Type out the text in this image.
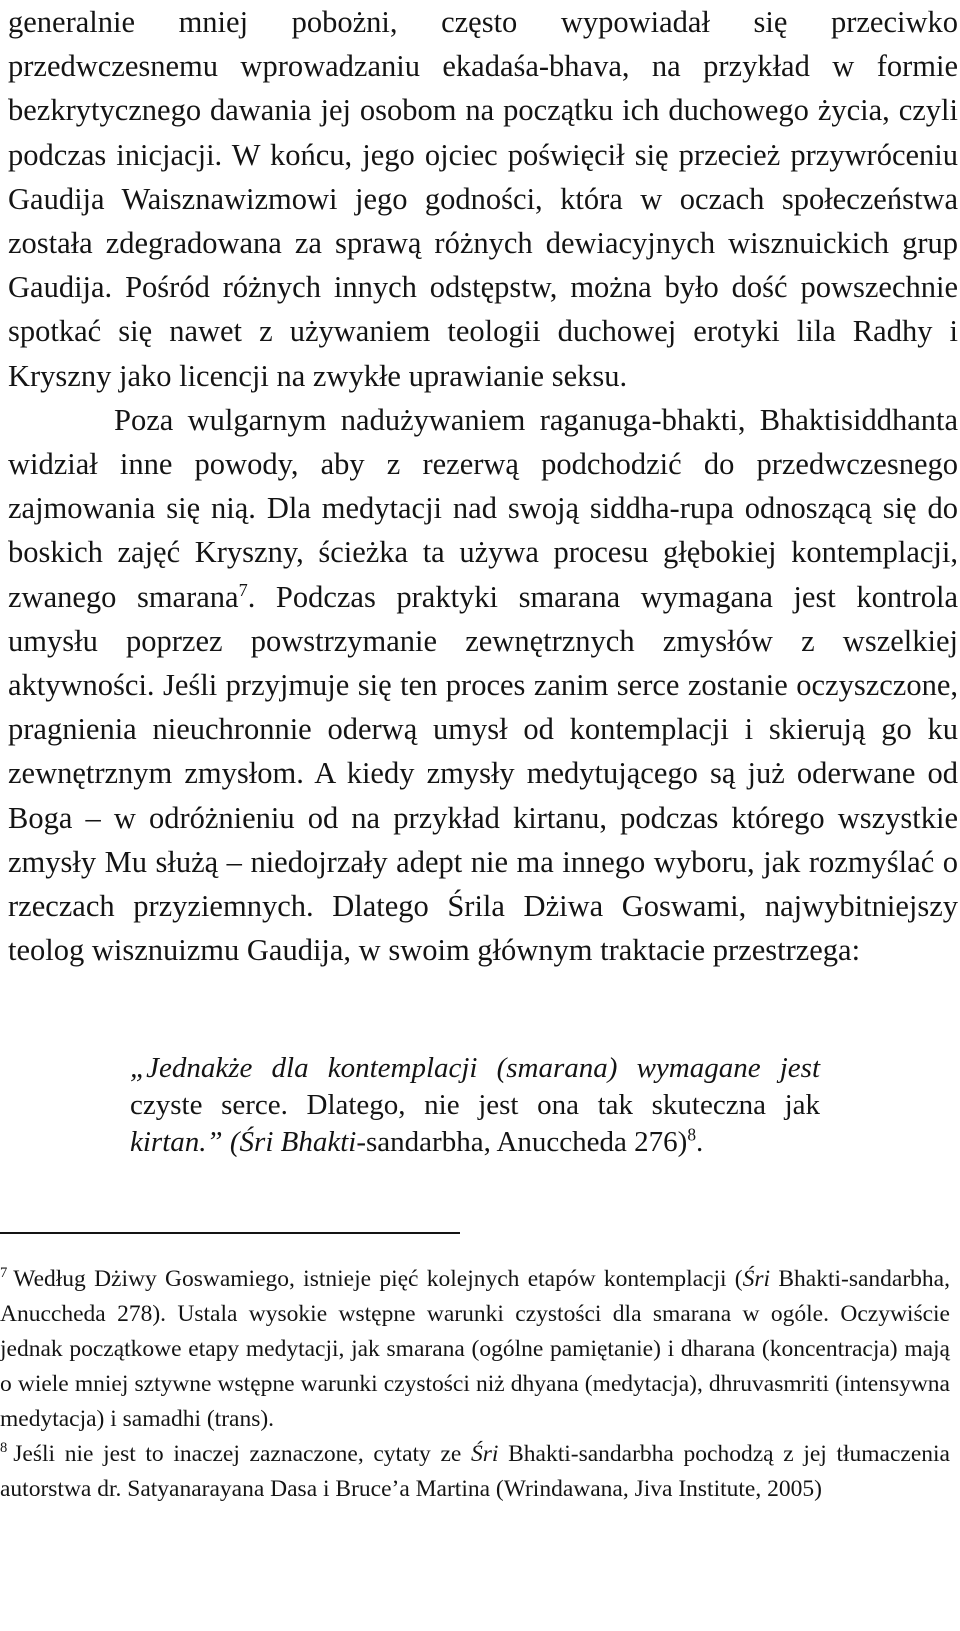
generalnie mniej pobożni, często wypowiadał się przeciwko przedwczesnemu wprowadzaniu ekadaśa-bhava, na przykład w formie bezkrytycznego dawania jej osobom na początku ich duchowego życia, czyli podczas inicjacji. W końcu, jego ojciec poświęcił się przecież przywróceniu Gaudija Waisznawizmowi jego godności, która w oczach społeczeństwa została zdegradowana za sprawą różnych dewiacyjnych wisznuickich grup Gaudija. Pośród różnych innych odstępstw, można było dość powszechnie spotkać się nawet z używaniem teologii duchowej erotyki lila Radhy i Kryszny jako licencji na zwykłe uprawianie seksu.

Poza wulgarnym nadużywaniem raganuga-bhakti, Bhaktisiddhanta widział inne powody, aby z rezerwą podchodzić do przedwczesnego zajmowania się nią. Dla medytacji nad swoją siddha-rupa odnoszącą się do boskich zajęć Kryszny, ścieżka ta używa procesu głębokiej kontemplacji, zwanego smarana$^7$. Podczas praktyki smarana wymagana jest kontrola umysłu poprzez powstrzymanie zewnętrznych zmysłów z wszelkiej aktywności. Jeśli przyjmuje się ten proces zanim serce zostanie oczyszczone, pragnienia nieuchronnie oderwą umysł od kontemplacji i skierują go ku zewnętrznym zmysłom. A kiedy zmysły medytującego są już oderwane od Boga – w odróżnieniu od na przykład kirtanu, podczas którego wszystkie zmysły Mu służą – niedojrzały adept nie ma innego wyboru, jak rozmyślać o rzeczach przyziemnych. Dlatego Śrila Dżiwa Goswami, najwybitniejszy teolog wisznuizmu Gaudija, w swoim głównym traktacie przestrzega:

„Jednakże dla kontemplacji (smarana) wymagane jest czyste serce. Dlatego, nie jest ona tak skuteczna jak kirtan.” (Śri Bhakti-sandarbha, Anuccheda 276)$^8$.

$^7$ Według Dżiwy Goswamiego, istnieje pięć kolejnych etapów kontemplacji (Śri Bhakti-sandarbha, Anuccheda 278). Ustala wysokie wstępne warunki czystości dla smarana w ogóle. Oczywiście jednak początkowe etapy medytacji, jak smarana (ogólne pamiętanie) i dharana (koncentracja) mają o wiele mniej sztywne wstępne warunki czystości niż dhyana (medytacja), dhruvasmriti (intensywna medytacja) i samadhi (trans).

$^8$ Jeśli nie jest to inaczej zaznaczone, cytaty ze Śri Bhakti-sandarbha pochodzą z jej tłumaczenia autorstwa dr. Satyanarayana Dasa i Bruce’a Martina (Wrindawana, Jiva Institute, 2005)
